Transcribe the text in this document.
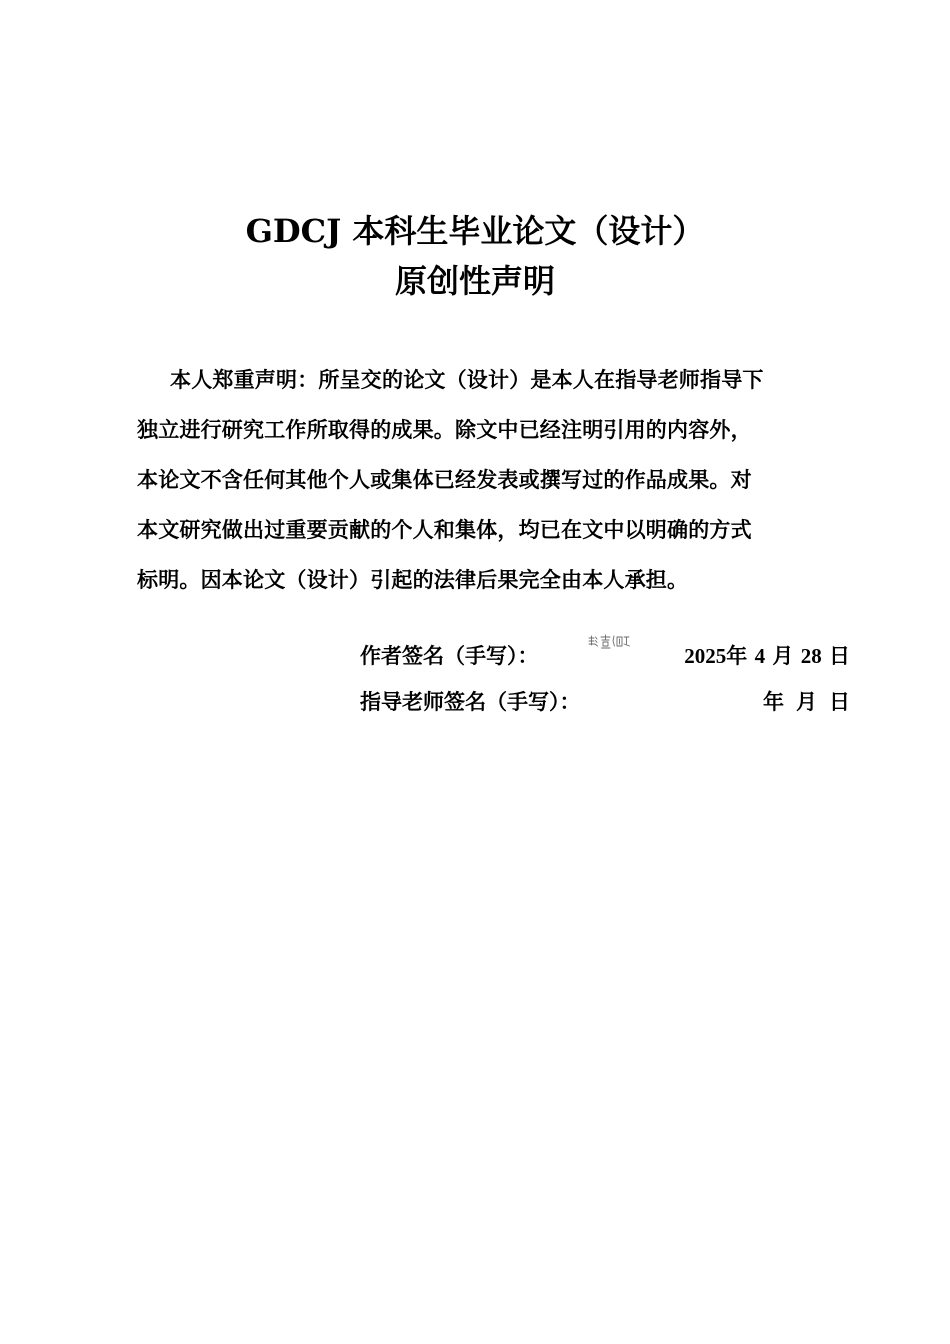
GDCJ 本科生毕业论文（设计）
原创性声明
本人郑重声明：所呈交的论文（设计）是本人在指导老师指导下
独立进行研究工作所取得的成果。除文中已经注明引用的内容外，
本论文不含任何其他个人或集体已经发表或撰写过的作品成果。对
本文研究做出过重要贡献的个人和集体，均已在文中以明确的方式
标明。因本论文（设计）引起的法律后果完全由本人承担。
作者签名（手写）：	2025年 4 月 28 日
指导老师签名（手写）：	年 月 日
